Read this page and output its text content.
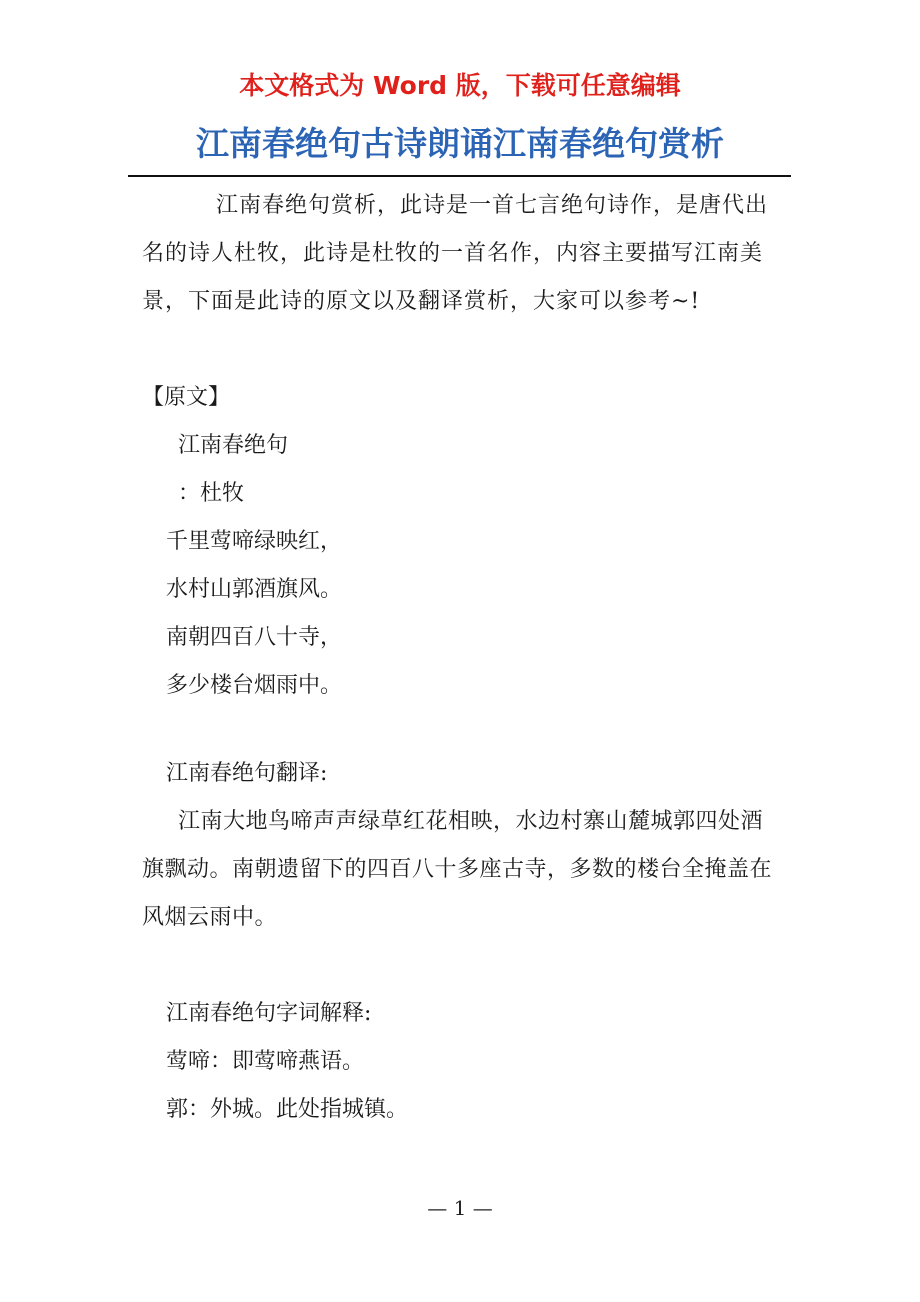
本文格式为 Word 版，下载可任意编辑
江南春绝句古诗朗诵江南春绝句赏析

江南春绝句赏析，此诗是一首七言绝句诗作，是唐代出名的诗人杜牧，此诗是杜牧的一首名作，内容主要描写江南美景，下面是此诗的原文以及翻译赏析，大家可以参考~!

【原文】

江南春绝句

：杜牧

千里莺啼绿映红，

水村山郭酒旗风。

南朝四百八十寺，

多少楼台烟雨中。

江南春绝句翻译:

江南大地鸟啼声声绿草红花相映，水边村寨山麓城郭四处酒旗飘动。南朝遗留下的四百八十多座古寺，多数的楼台全掩盖在风烟云雨中。

江南春绝句字词解释:

莺啼：即莺啼燕语。

郭：外城。此处指城镇。

— 1 —
